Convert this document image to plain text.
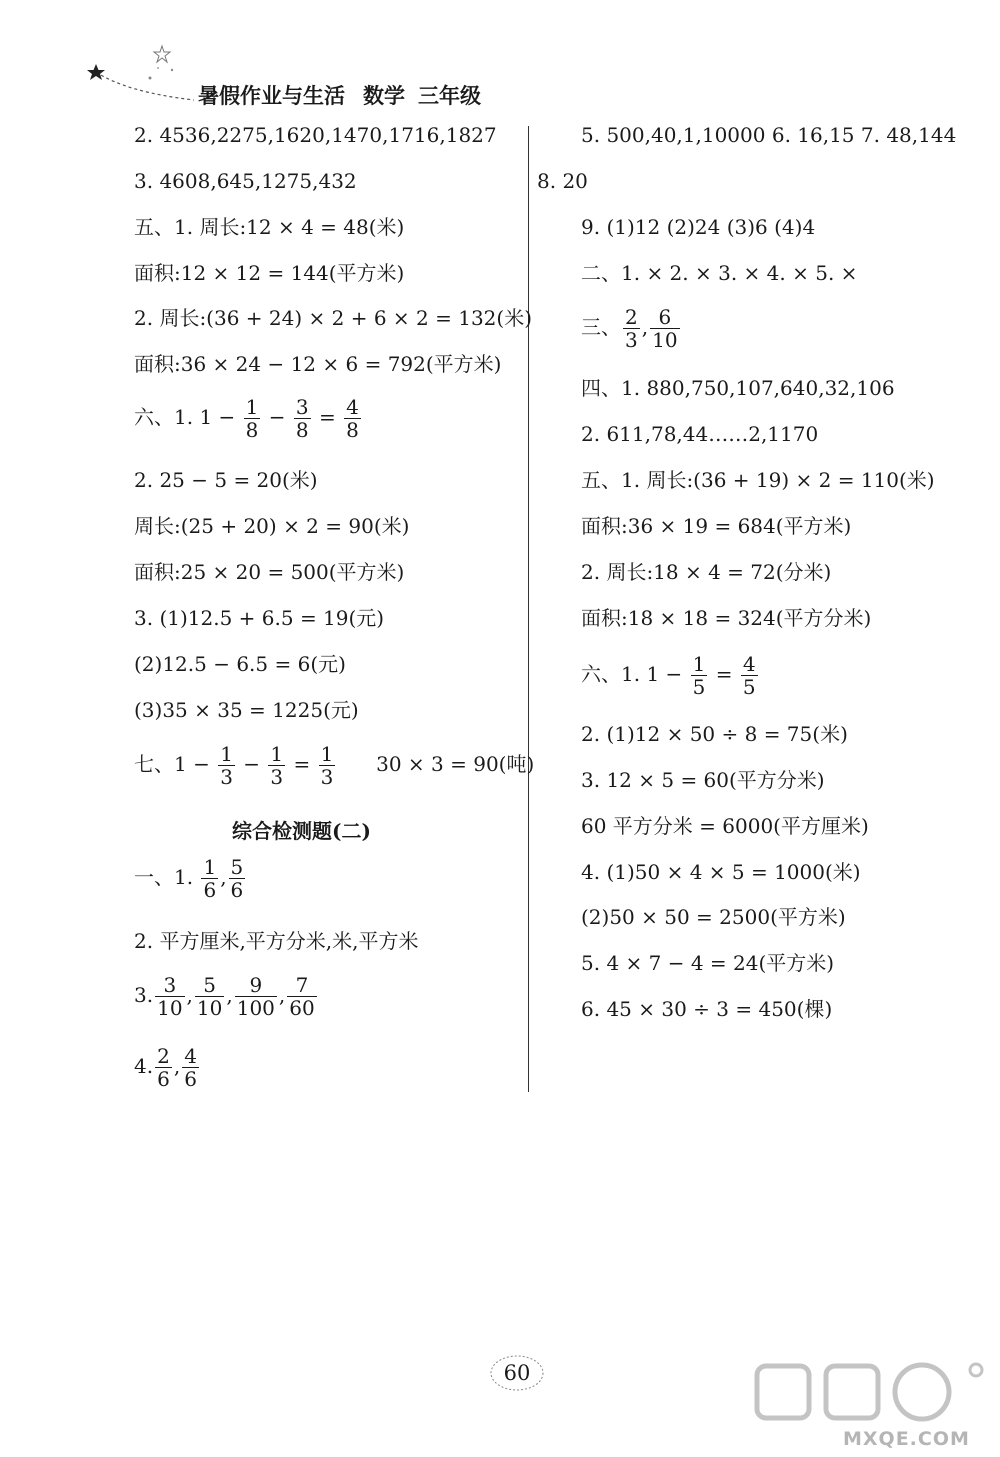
暑假作业与生活 数学 三年级
2. 4536,2275,1620,1470,1716,1827
3. 4608,645,1275,432
五、1. 周长:12 × 4 = 48(米)
面积:12 × 12 = 144(平方米)
2. 周长:(36 + 24) × 2 + 6 × 2 = 132(米)
面积:36 × 24 − 12 × 6 = 792(平方米)
六、1. $1 - \frac{1}{8} - \frac{3}{8} = \frac{4}{8}$
2. 25 − 5 = 20(米)
周长:(25 + 20) × 2 = 90(米)
面积:25 × 20 = 500(平方米)
3. (1)12.5 + 6.5 = 19(元)
(2)12.5 − 6.5 = 6(元)
(3)35 × 35 = 1225(元)
七、$1 - \frac{1}{3} - \frac{1}{3} = \frac{1}{3} 30 \times 3 = 90$(吨)
综合检测题(二)
一、1. $\frac{1}{6}$ , $\frac{5}{6}$
2. 平方厘米,平方分米,米,平方米
3. $\frac{3}{10}$ , $\frac{5}{10}$ , $\frac{9}{100}$ , $\frac{7}{60}$
4. $\frac{2}{6}$ , $\frac{4}{6}$
5. 500,40,1,10000 6. 16,15 7. 48,144
8. 20
9. (1)12 (2)24 (3)6 (4)4
二、1. × 2. × 3. × 4. × 5. ×
三、 $\frac{2}{3}$ , $\frac{6}{10}$
四、1. 880,750,107,640,32,106
2. 611,78,44……2,1170
五、1. 周长:(36 + 19) × 2 = 110(米)
面积:36 × 19 = 684(平方米)
2. 周长:18 × 4 = 72(分米)
面积:18 × 18 = 324(平方分米)
六、1. $1 - \frac{1}{5} = \frac{4}{5}$
2. (1)12 × 50 ÷ 8 = 75(米)
3. 12 × 5 = 60(平方分米)
60 平方分米 = 6000(平方厘米)
4. (1)50 × 4 × 5 = 1000(米)
(2)50 × 50 = 2500(平方米)
5. 4 × 7 − 4 = 24(平方米)
6. 45 × 30 ÷ 3 = 450(棵)
60
MXQE.COM
